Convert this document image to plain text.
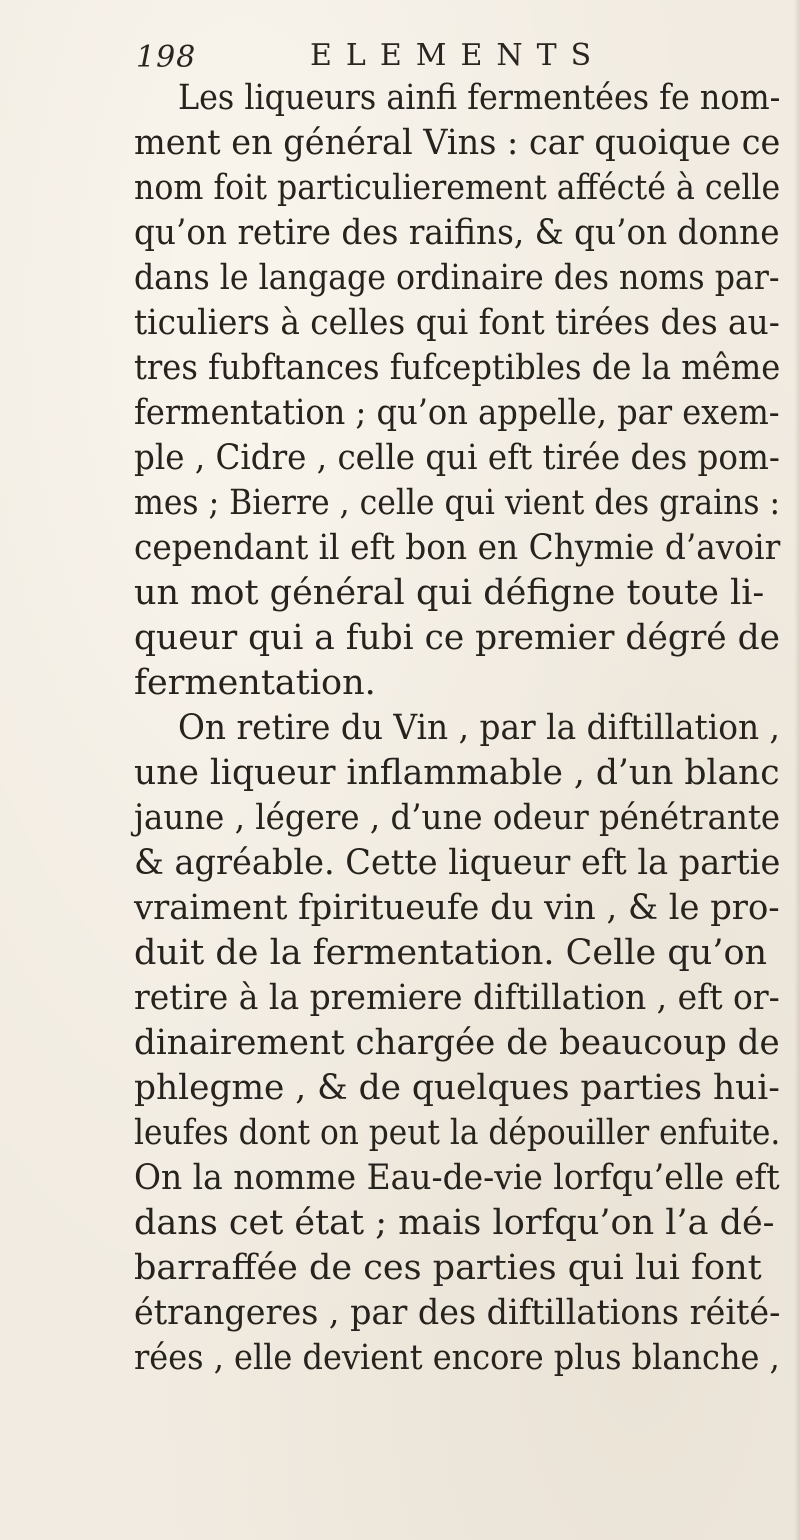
198	ELEMENTS
Les liqueurs ainfi fermentées fe nom-
ment en général Vins : car quoique ce
nom foit particulierement affécté à celle
qu’on retire des raifins, & qu’on donne
dans le langage ordinaire des noms par-
ticuliers à celles qui font tirées des au-
tres fubftances fufceptibles de la même
fermentation ; qu’on appelle, par exem-
ple , Cidre , celle qui eft tirée des pom-
mes ; Bierre , celle qui vient des grains :
cependant il eft bon en Chymie d’avoir
un mot général qui défigne toute li-
queur qui a fubi ce premier dégré de
fermentation.
On retire du Vin , par la diftillation ,
une liqueur inflammable , d’un blanc
jaune , légere , d’une odeur pénétrante
& agréable. Cette liqueur eft la partie
vraiment fpiritueufe du vin , & le pro-
duit de la fermentation. Celle qu’on
retire à la premiere diftillation , eft or-
dinairement chargée de beaucoup de
phlegme , & de quelques parties hui-
leufes dont on peut la dépouiller enfuite.
On la nomme Eau-de-vie lorfqu’elle eft
dans cet état ; mais lorfqu’on l’a dé-
barraffée de ces parties qui lui font
étrangeres , par des diftillations réité-
rées , elle devient encore plus blanche ,
